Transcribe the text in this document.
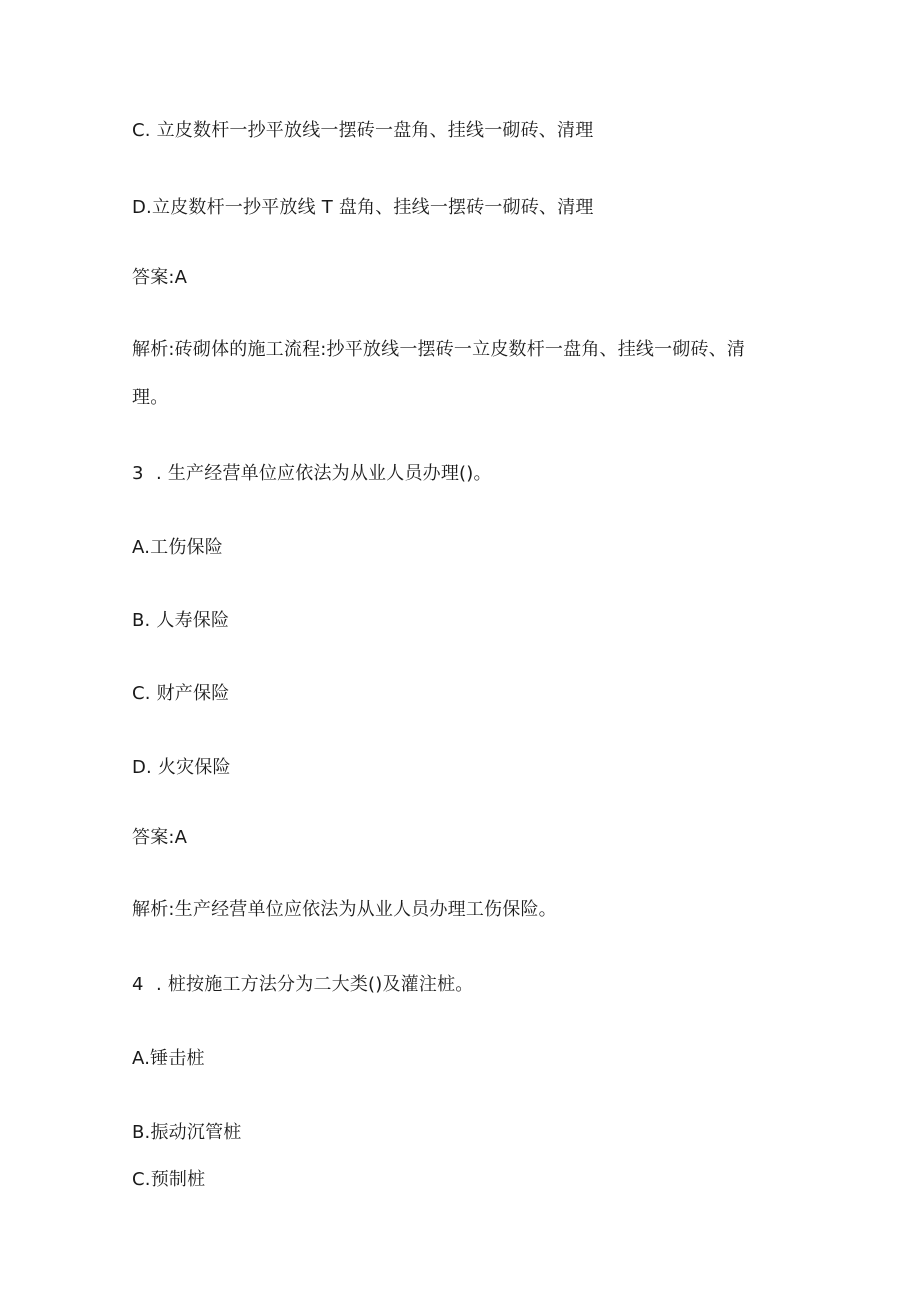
C. 立皮数杆一抄平放线一摆砖一盘角、挂线一砌砖、清理

D.立皮数杆一抄平放线 T 盘角、挂线一摆砖一砌砖、清理

答案:A

解析:砖砌体的施工流程:抄平放线一摆砖一立皮数杆一盘角、挂线一砌砖、清

理。

3 . 生产经营单位应依法为从业人员办理()。

A.工伤保险

B. 人寿保险

C. 财产保险

D. 火灾保险

答案:A

解析:生产经营单位应依法为从业人员办理工伤保险。

4 . 桩按施工方法分为二大类()及灌注桩。

A.锤击桩

B.振动沉管桩

C.预制桩
